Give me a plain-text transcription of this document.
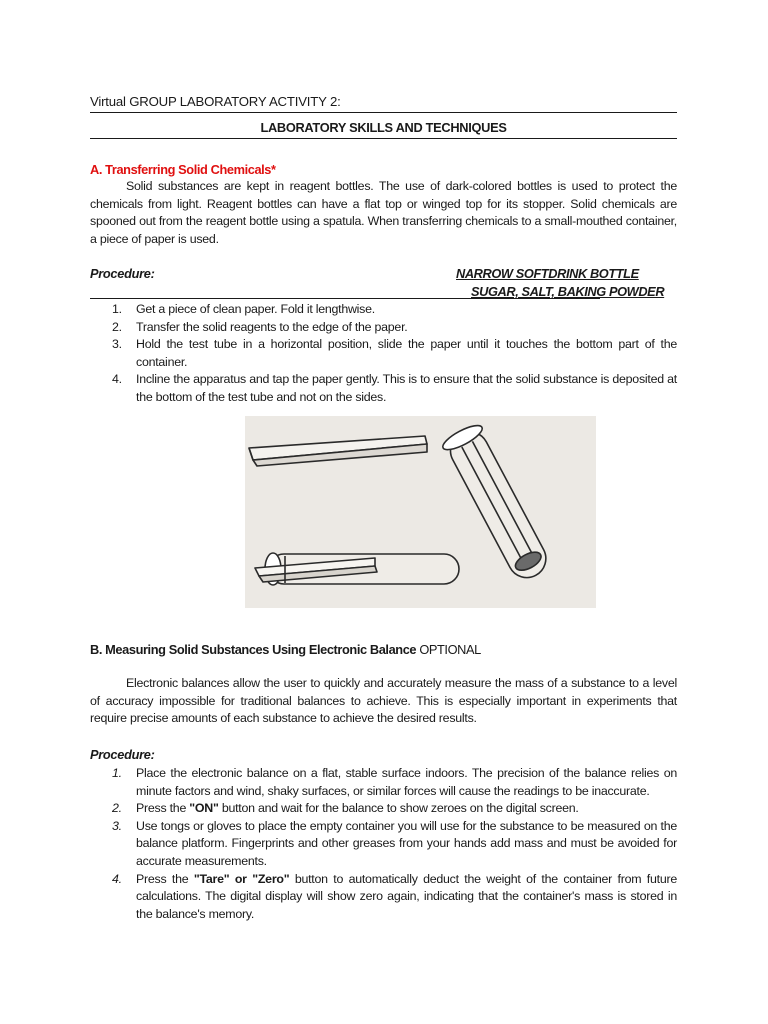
Virtual GROUP LABORATORY ACTIVITY 2:
LABORATORY SKILLS AND TECHNIQUES
A. Transferring Solid Chemicals*
Solid substances are kept in reagent bottles. The use of dark-colored bottles is used to protect the chemicals from light. Reagent bottles can have a flat top or winged top for its stopper. Solid chemicals are spooned out from the reagent bottle using a spatula. When transferring chemicals to a small-mouthed container, a piece of paper is used.
Procedure:	NARROW SOFTDRINK BOTTLE
SUGAR, SALT, BAKING POWDER
1. Get a piece of clean paper. Fold it lengthwise.
2. Transfer the solid reagents to the edge of the paper.
3. Hold the test tube in a horizontal position, slide the paper until it touches the bottom part of the container.
4. Incline the apparatus and tap the paper gently. This is to ensure that the solid substance is deposited at the bottom of the test tube and not on the sides.
B. Measuring Solid Substances Using Electronic Balance OPTIONAL
Electronic balances allow the user to quickly and accurately measure the mass of a substance to a level of accuracy impossible for traditional balances to achieve. This is especially important in experiments that require precise amounts of each substance to achieve the desired results.
Procedure:
1. Place the electronic balance on a flat, stable surface indoors. The precision of the balance relies on minute factors and wind, shaky surfaces, or similar forces will cause the readings to be inaccurate.
2. Press the "ON" button and wait for the balance to show zeroes on the digital screen.
3. Use tongs or gloves to place the empty container you will use for the substance to be measured on the balance platform. Fingerprints and other greases from your hands add mass and must be avoided for accurate measurements.
4. Press the "Tare" or "Zero" button to automatically deduct the weight of the container from future calculations. The digital display will show zero again, indicating that the container's mass is stored in the balance's memory.
